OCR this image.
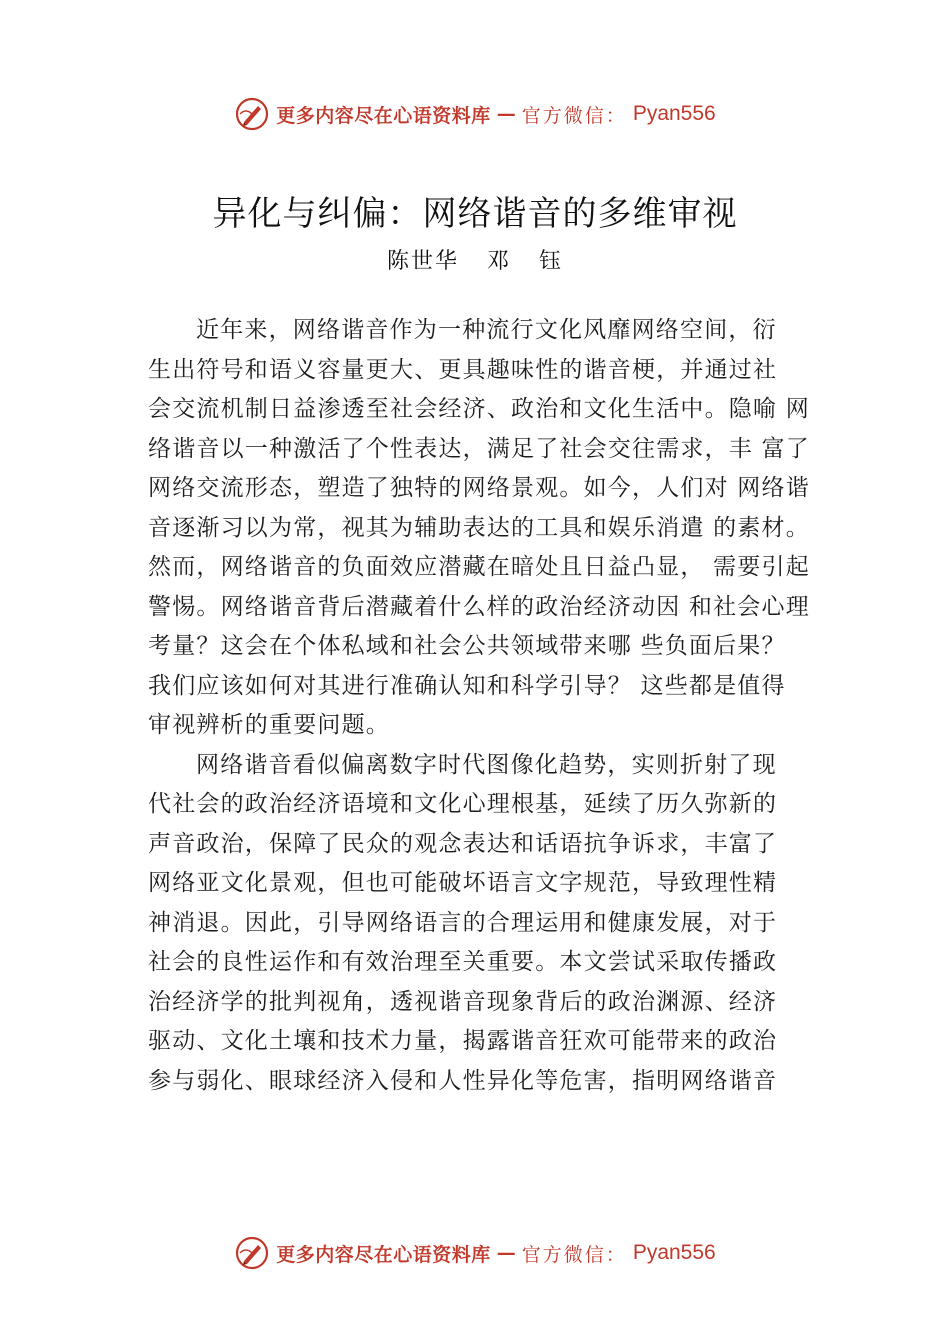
更多内容尽在心语资料库 — 官方微信： Pyan556
异化与纠偏：网络谐音的多维审视
陈世华 邓 钰
近年来，网络谐音作为一种流行文化风靡网络空间，衍
生出符号和语义容量更大、更具趣味性的谐音梗，并通过社
会交流机制日益渗透至社会经济、政治和文化生活中。隐喻 网
络谐音以一种激活了个性表达，满足了社会交往需求，丰 富了
网络交流形态，塑造了独特的网络景观。如今，人们对 网络谐
音逐渐习以为常，视其为辅助表达的工具和娱乐消遣 的素材。
然而，网络谐音的负面效应潜藏在暗处且日益凸显， 需要引起
警惕。网络谐音背后潜藏着什么样的政治经济动因 和社会心理
考量？这会在个体私域和社会公共领域带来哪 些负面后果？
我们应该如何对其进行准确认知和科学引导？ 这些都是值得
审视辨析的重要问题。
网络谐音看似偏离数字时代图像化趋势，实则折射了现
代社会的政治经济语境和文化心理根基，延续了历久弥新的
声音政治，保障了民众的观念表达和话语抗争诉求，丰富了
网络亚文化景观，但也可能破坏语言文字规范，导致理性精
神消退。因此，引导网络语言的合理运用和健康发展，对于
社会的良性运作和有效治理至关重要。本文尝试采取传播政
治经济学的批判视角，透视谐音现象背后的政治渊源、经济
驱动、文化土壤和技术力量，揭露谐音狂欢可能带来的政治
参与弱化、眼球经济入侵和人性异化等危害，指明网络谐音
更多内容尽在心语资料库 — 官方微信： Pyan556
